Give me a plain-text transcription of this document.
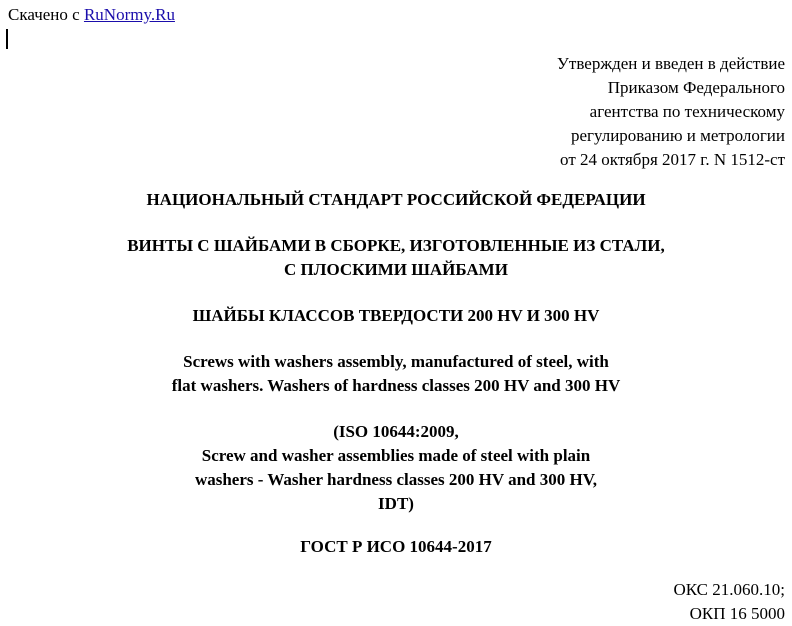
Скачено с RuNormy.Ru
Утвержден и введен в действие
Приказом Федерального
агентства по техническому
регулированию и метрологии
от 24 октября 2017 г. N 1512-ст
НАЦИОНАЛЬНЫЙ СТАНДАРТ РОССИЙСКОЙ ФЕДЕРАЦИИ
ВИНТЫ С ШАЙБАМИ В СБОРКЕ, ИЗГОТОВЛЕННЫЕ ИЗ СТАЛИ,
С ПЛОСКИМИ ШАЙБАМИ
ШАЙБЫ КЛАССОВ ТВЕРДОСТИ 200 HV И 300 HV
Screws with washers assembly, manufactured of steel, with
flat washers. Washers of hardness classes 200 HV and 300 HV
(ISO 10644:2009,
Screw and washer assemblies made of steel with plain
washers - Washer hardness classes 200 HV and 300 HV,
IDT)
ГОСТ Р ИСО 10644-2017
ОКС 21.060.10;
ОКП 16 5000
